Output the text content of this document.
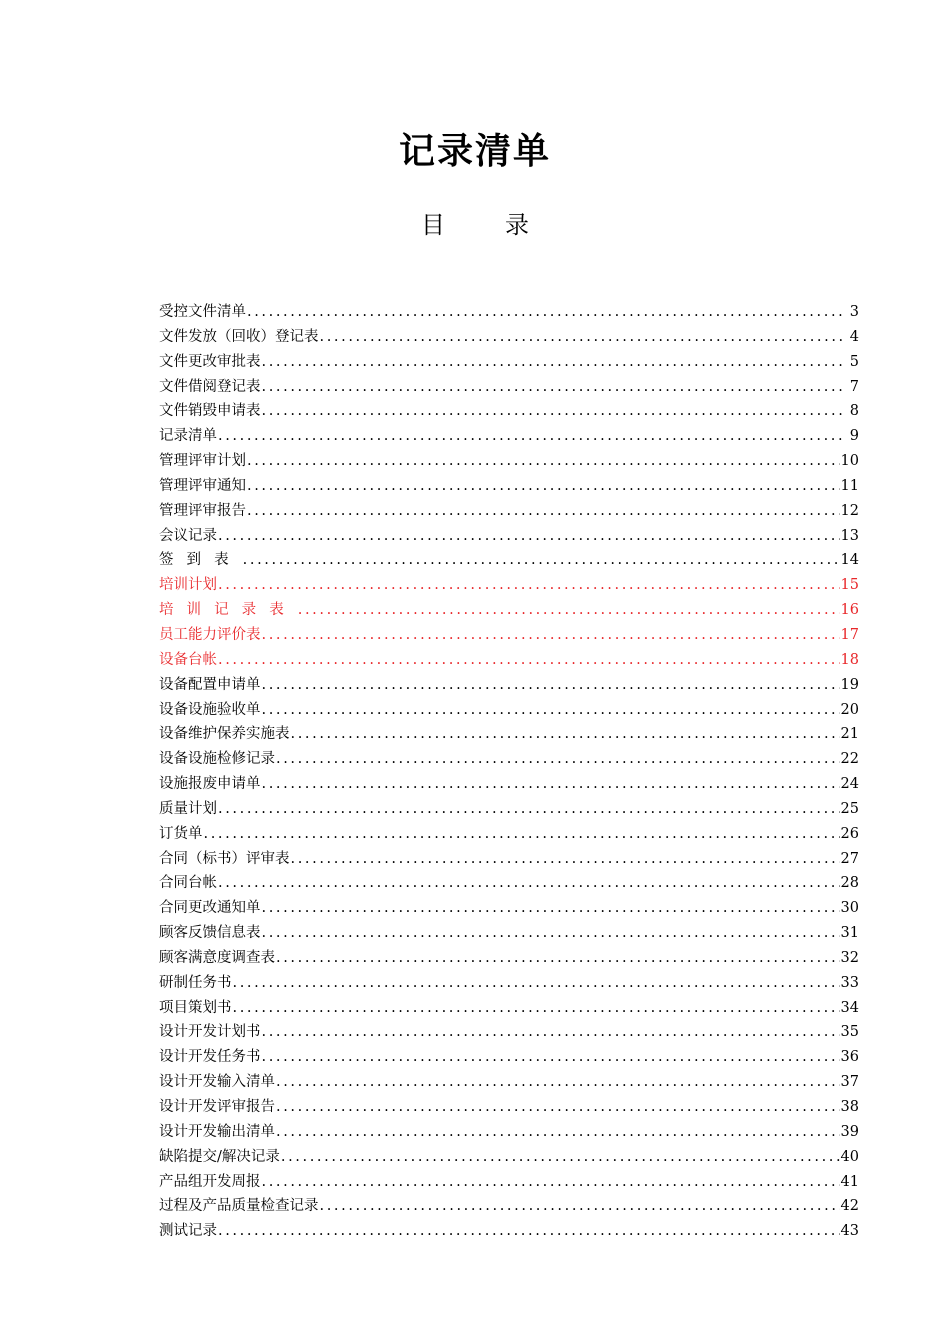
记录清单
目	录
受控文件清单 .....	3
文件发放（回收）登记表 .....	4
文件更改审批表 .....	5
文件借阅登记表 .....	7
文件销毁申请表 .....	8
记录清单 .....	9
管理评审计划 .....	10
管理评审通知 .....	11
管理评审报告 .....	12
会议记录 .....	13
签到表 .....	14
培训计划 .....	15
培训记录表 .....	16
员工能力评价表 .....	17
设备台帐 .....	18
设备配置申请单 .....	19
设备设施验收单 .....	20
设备维护保养实施表 .....	21
设备设施检修记录 .....	22
设施报废申请单 .....	24
质量计划 .....	25
订货单 .....	26
合同（标书）评审表 .....	27
合同台帐 .....	28
合同更改通知单 .....	30
顾客反馈信息表 .....	31
顾客满意度调查表 .....	32
研制任务书 .....	33
项目策划书 .....	34
设计开发计划书 .....	35
设计开发任务书 .....	36
设计开发输入清单 .....	37
设计开发评审报告 .....	38
设计开发输出清单 .....	39
缺陷提交/解决记录 .....	40
产品组开发周报 .....	41
过程及产品质量检查记录 .....	42
测试记录 .....	43
